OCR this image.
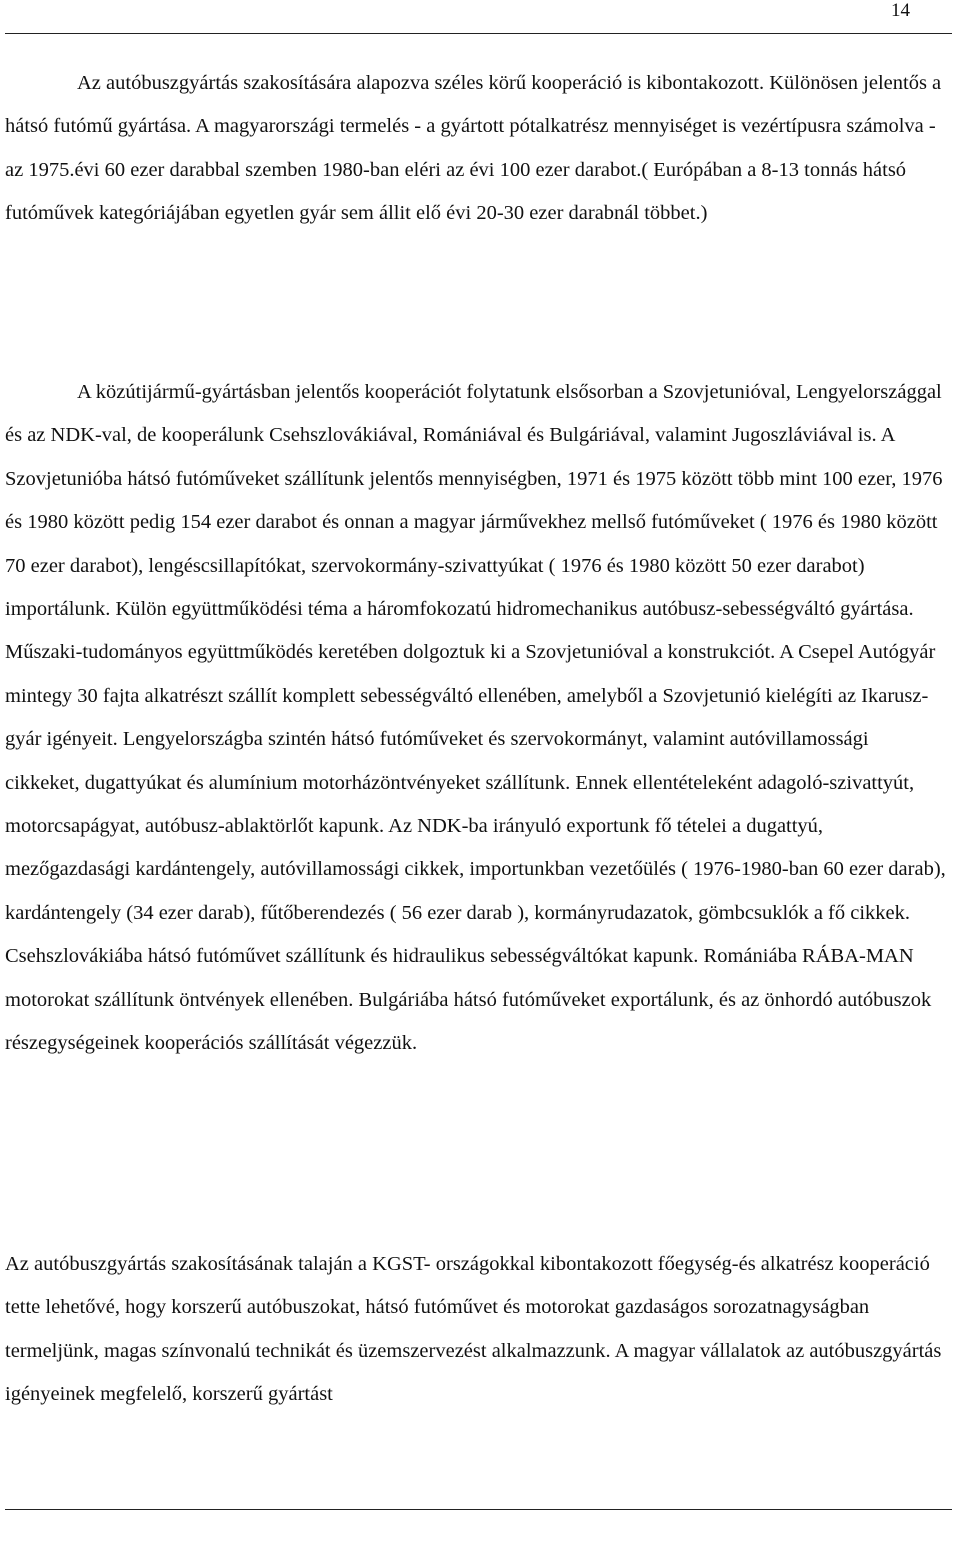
14

Az autóbuszgyártás szakosítására alapozva széles körű kooperáció is kibontakozott. Különösen jelentős a hátsó futómű gyártása. A magyarországi termelés - a gyártott pótalkatrész mennyiséget is vezértípusra számolva - az 1975.évi 60 ezer darabbal szemben 1980-ban eléri az évi 100 ezer darabot.( Európában a 8-13 tonnás hátsó futóművek kategóriájában egyetlen gyár sem állit elő évi 20-30 ezer darabnál többet.)

A közútijármű-gyártásban jelentős kooperációt folytatunk elsősorban a Szovjetunióval, Lengyelországgal és az NDK-val, de kooperálunk Csehszlovákiával, Romániával és Bulgáriával, valamint Jugoszláviával is. A Szovjetunióba hátsó futóműveket szállítunk jelentős mennyiségben, 1971 és 1975 között több mint 100 ezer, 1976 és 1980 között pedig 154 ezer darabot és onnan a magyar járművekhez mellső futóműveket ( 1976 és 1980 között 70 ezer darabot), lengéscsillapítókat, szervokormány-szivattyúkat ( 1976 és 1980 között 50 ezer darabot) importálunk. Külön együttműködési téma a háromfokozatú hidromechanikus autóbusz-sebességváltó gyártása. Műszaki-tudományos együttműködés keretében dolgoztuk ki a Szovjetunióval a konstrukciót. A Csepel Autógyár mintegy 30 fajta alkatrészt szállít komplett sebességváltó ellenében, amelyből a Szovjetunió kielégíti az Ikarusz-gyár igényeit. Lengyelországba szintén hátsó futóműveket és szervokormányt, valamint autóvillamossági cikkeket, dugattyúkat és alumínium motorházöntvényeket szállítunk. Ennek ellentételeként adagoló-szivattyút, motorcsapágyat, autóbusz-ablaktörlőt kapunk. Az NDK-ba irányuló exportunk fő tételei a dugattyú, mezőgazdasági kardántengely, autóvillamossági cikkek, importunkban vezetőülés ( 1976-1980-ban 60 ezer darab), kardántengely (34 ezer darab), fűtőberendezés ( 56 ezer darab ), kormányrudazatok, gömbcsuklók a fő cikkek. Csehszlovákiába hátsó futóművet szállítunk és hidraulikus sebességváltókat kapunk. Romániába RÁBA-MAN motorokat szállítunk öntvények ellenében. Bulgáriába hátsó futóműveket exportálunk, és az önhordó autóbuszok részegységeinek kooperációs szállítását végezzük.

Az autóbuszgyártás szakosításának talaján a KGST- országokkal kibontakozott főegység-és alkatrész kooperáció tette lehetővé, hogy korszerű autóbuszokat, hátsó futóművet és motorokat gazdaságos sorozatnagyságban termeljünk, magas színvonalú technikát és üzemszervezést alkalmazzunk. A magyar vállalatok az autóbuszgyártás igényeinek megfelelő, korszerű gyártást
